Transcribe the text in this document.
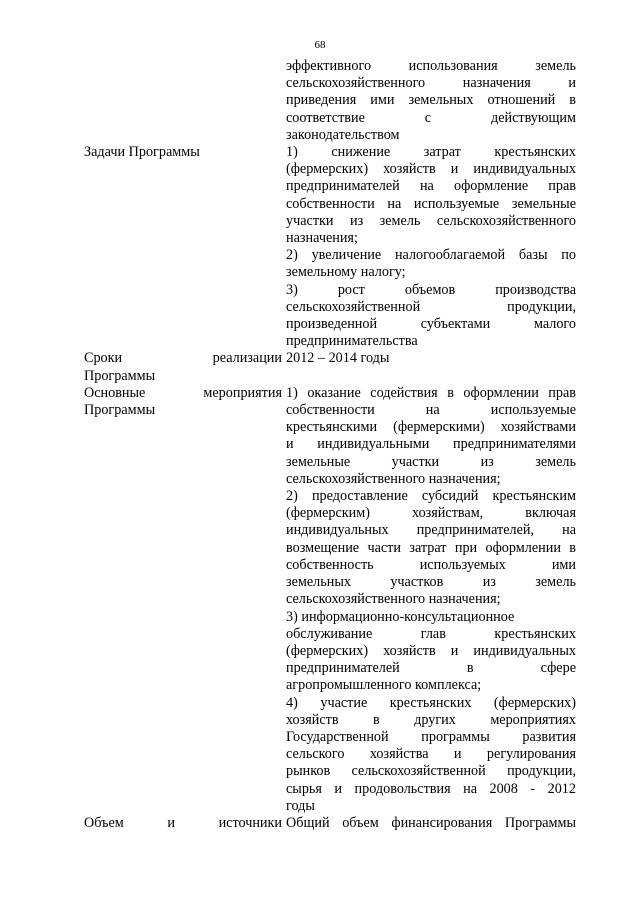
68
эффективного использования земель
сельскохозяйственного назначения и
приведения ими земельных отношений в
соответствие с действующим
законодательством
Задачи Программы	1) снижение затрат крестьянских
(фермерских) хозяйств и индивидуальных
предпринимателей на оформление прав
собственности на используемые земельные
участки из земель сельскохозяйственного
назначения;
2) увеличение налогооблагаемой базы по
земельному налогу;
3) рост объемов производства
сельскохозяйственной продукции,
произведенной субъектами малого
предпринимательства
Сроки реализации
Программы
2012 – 2014 годы
Основные мероприятия
Программы
1) оказание содействия в оформлении прав
собственности на используемые
крестьянскими (фермерскими) хозяйствами
и индивидуальными предпринимателями
земельные участки из земель
сельскохозяйственного назначения;
2) предоставление субсидий крестьянским
(фермерским) хозяйствам, включая
индивидуальных предпринимателей, на
возмещение части затрат при оформлении в
собственность используемых ими
земельных участков из земель
сельскохозяйственного назначения;
3) информационно-консультационное
обслуживание глав крестьянских
(фермерских) хозяйств и индивидуальных
предпринимателей в сфере
агропромышленного комплекса;
4) участие крестьянских (фермерских)
хозяйств в других мероприятиях
Государственной программы развития
сельского хозяйства и регулирования
рынков сельскохозяйственной продукции,
сырья и продовольствия на 2008 - 2012
годы
Объем и источники Общий объем финансирования Программы
